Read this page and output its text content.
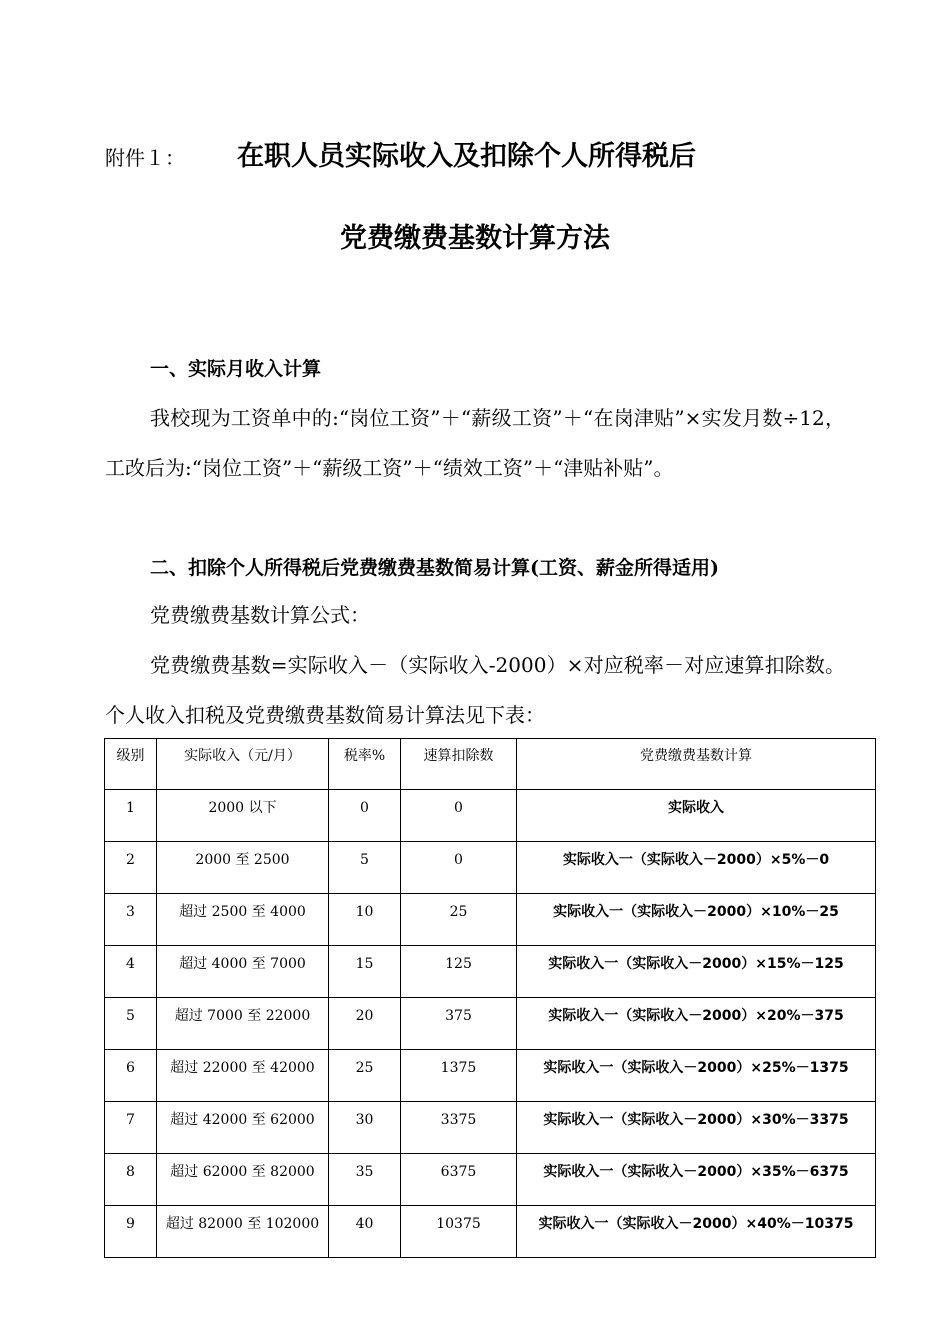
附件１： 在职人员实际收入及扣除个人所得税后
党费缴费基数计算方法
一、实际月收入计算

我校现为工资单中的:“岗位工资”＋“薪级工资”＋“在岗津贴”×实发月数÷12，工改后为:“岗位工资”＋“薪级工资”＋“绩效工资”＋“津贴补贴”。

二、扣除个人所得税后党费缴费基数简易计算(工资、薪金所得适用)

党费缴费基数计算公式：

党费缴费基数=实际收入－（实际收入-2000）×对应税率－对应速算扣除数。个人收入扣税及党费缴费基数简易计算法见下表：

级别	实际收入（元/月）	税率%	速算扣除数	党费缴费基数计算
1	2000 以下	0	0	实际收入
2	2000 至 2500	5	0	实际收入一（实际收入－2000）×5%－0
3	超过 2500 至 4000	10	25	实际收入一（实际收入－2000）×10%－25
4	超过 4000 至 7000	15	125	实际收入一（实际收入－2000）×15%－125
5	超过 7000 至 22000	20	375	实际收入一（实际收入－2000）×20%－375
6	超过 22000 至 42000	25	1375	实际收入一（实际收入－2000）×25%－1375
7	超过 42000 至 62000	30	3375	实际收入一（实际收入－2000）×30%－3375
8	超过 62000 至 82000	35	6375	实际收入一（实际收入－2000）×35%－6375
9	超过 82000 至 102000	40	10375	实际收入一（实际收入－2000）×40%－10375
